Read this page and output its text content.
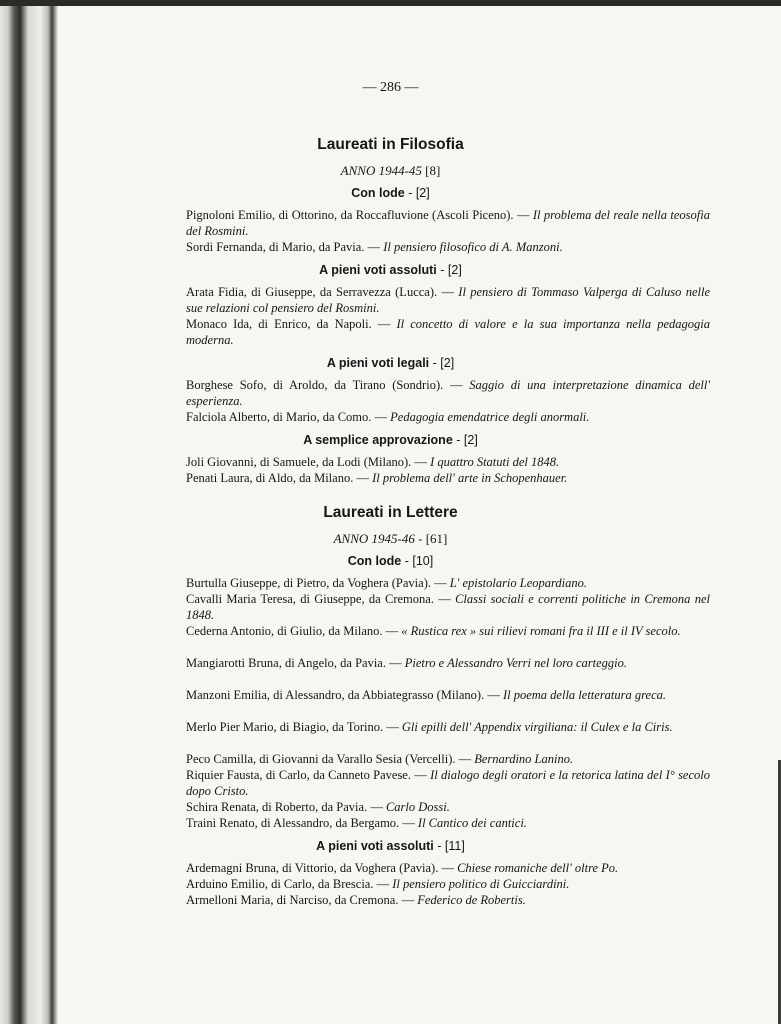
— 286 —
Laureati in Filosofia
ANNO 1944-45 [8]
Con lode - [2]
Pignoloni Emilio, di Ottorino, da Roccafluvione (Ascoli Piceno). — Il problema del reale nella teosofia del Rosmini.
Sordi Fernanda, di Mario, da Pavia. — Il pensiero filosofico di A. Manzoni.
A pieni voti assoluti - [2]
Arata Fidia, di Giuseppe, da Serravezza (Lucca). — Il pensiero di Tommaso Valperga di Caluso nelle sue relazioni col pensiero del Rosmini.
Monaco Ida, di Enrico, da Napoli. — Il concetto di valore e la sua importanza nella pedagogia moderna.
A pieni voti legali - [2]
Borghese Sofo, di Aroldo, da Tirano (Sondrio). — Saggio di una interpretazione dinamica dell' esperienza.
Falciola Alberto, di Mario, da Como. — Pedagogia emendatrice degli anormali.
A semplice approvazione - [2]
Joli Giovanni, di Samuele, da Lodi (Milano). — I quattro Statuti del 1848.
Penati Laura, di Aldo, da Milano. — Il problema dell' arte in Schopenhauer.
Laureati in Lettere
ANNO 1945-46 - [61]
Con lode - [10]
Burtulla Giuseppe, di Pietro, da Voghera (Pavia). — L' epistolario Leopardiano.
Cavalli Maria Teresa, di Giuseppe, da Cremona. — Classi sociali e correnti politiche in Cremona nel 1848.
Cederna Antonio, di Giulio, da Milano. — « Rustica rex » sui rilievi romani fra il III e il IV secolo.
Mangiarotti Bruna, di Angelo, da Pavia. — Pietro e Alessandro Verri nel loro carteggio.
Manzoni Emilia, di Alessandro, da Abbiategrasso (Milano). — Il poema della letteratura greca.
Merlo Pier Mario, di Biagio, da Torino. — Gli epilli dell' Appendix virgiliana: il Culex e la Ciris.
Peco Camilla, di Giovanni da Varallo Sesia (Vercelli). — Bernardino Lanino.
Riquier Fausta, di Carlo, da Canneto Pavese. — Il dialogo degli oratori e la retorica latina del I° secolo dopo Cristo.
Schira Renata, di Roberto, da Pavia. — Carlo Dossi.
Traini Renato, di Alessandro, da Bergamo. — Il Cantico dei cantici.
A pieni voti assoluti - [11]
Ardemagni Bruna, di Vittorio, da Voghera (Pavia). — Chiese romaniche dell' oltre Po.
Arduino Emilio, di Carlo, da Brescia. — Il pensiero politico di Guicciardini.
Armelloni Maria, di Narciso, da Cremona. — Federico de Robertis.
